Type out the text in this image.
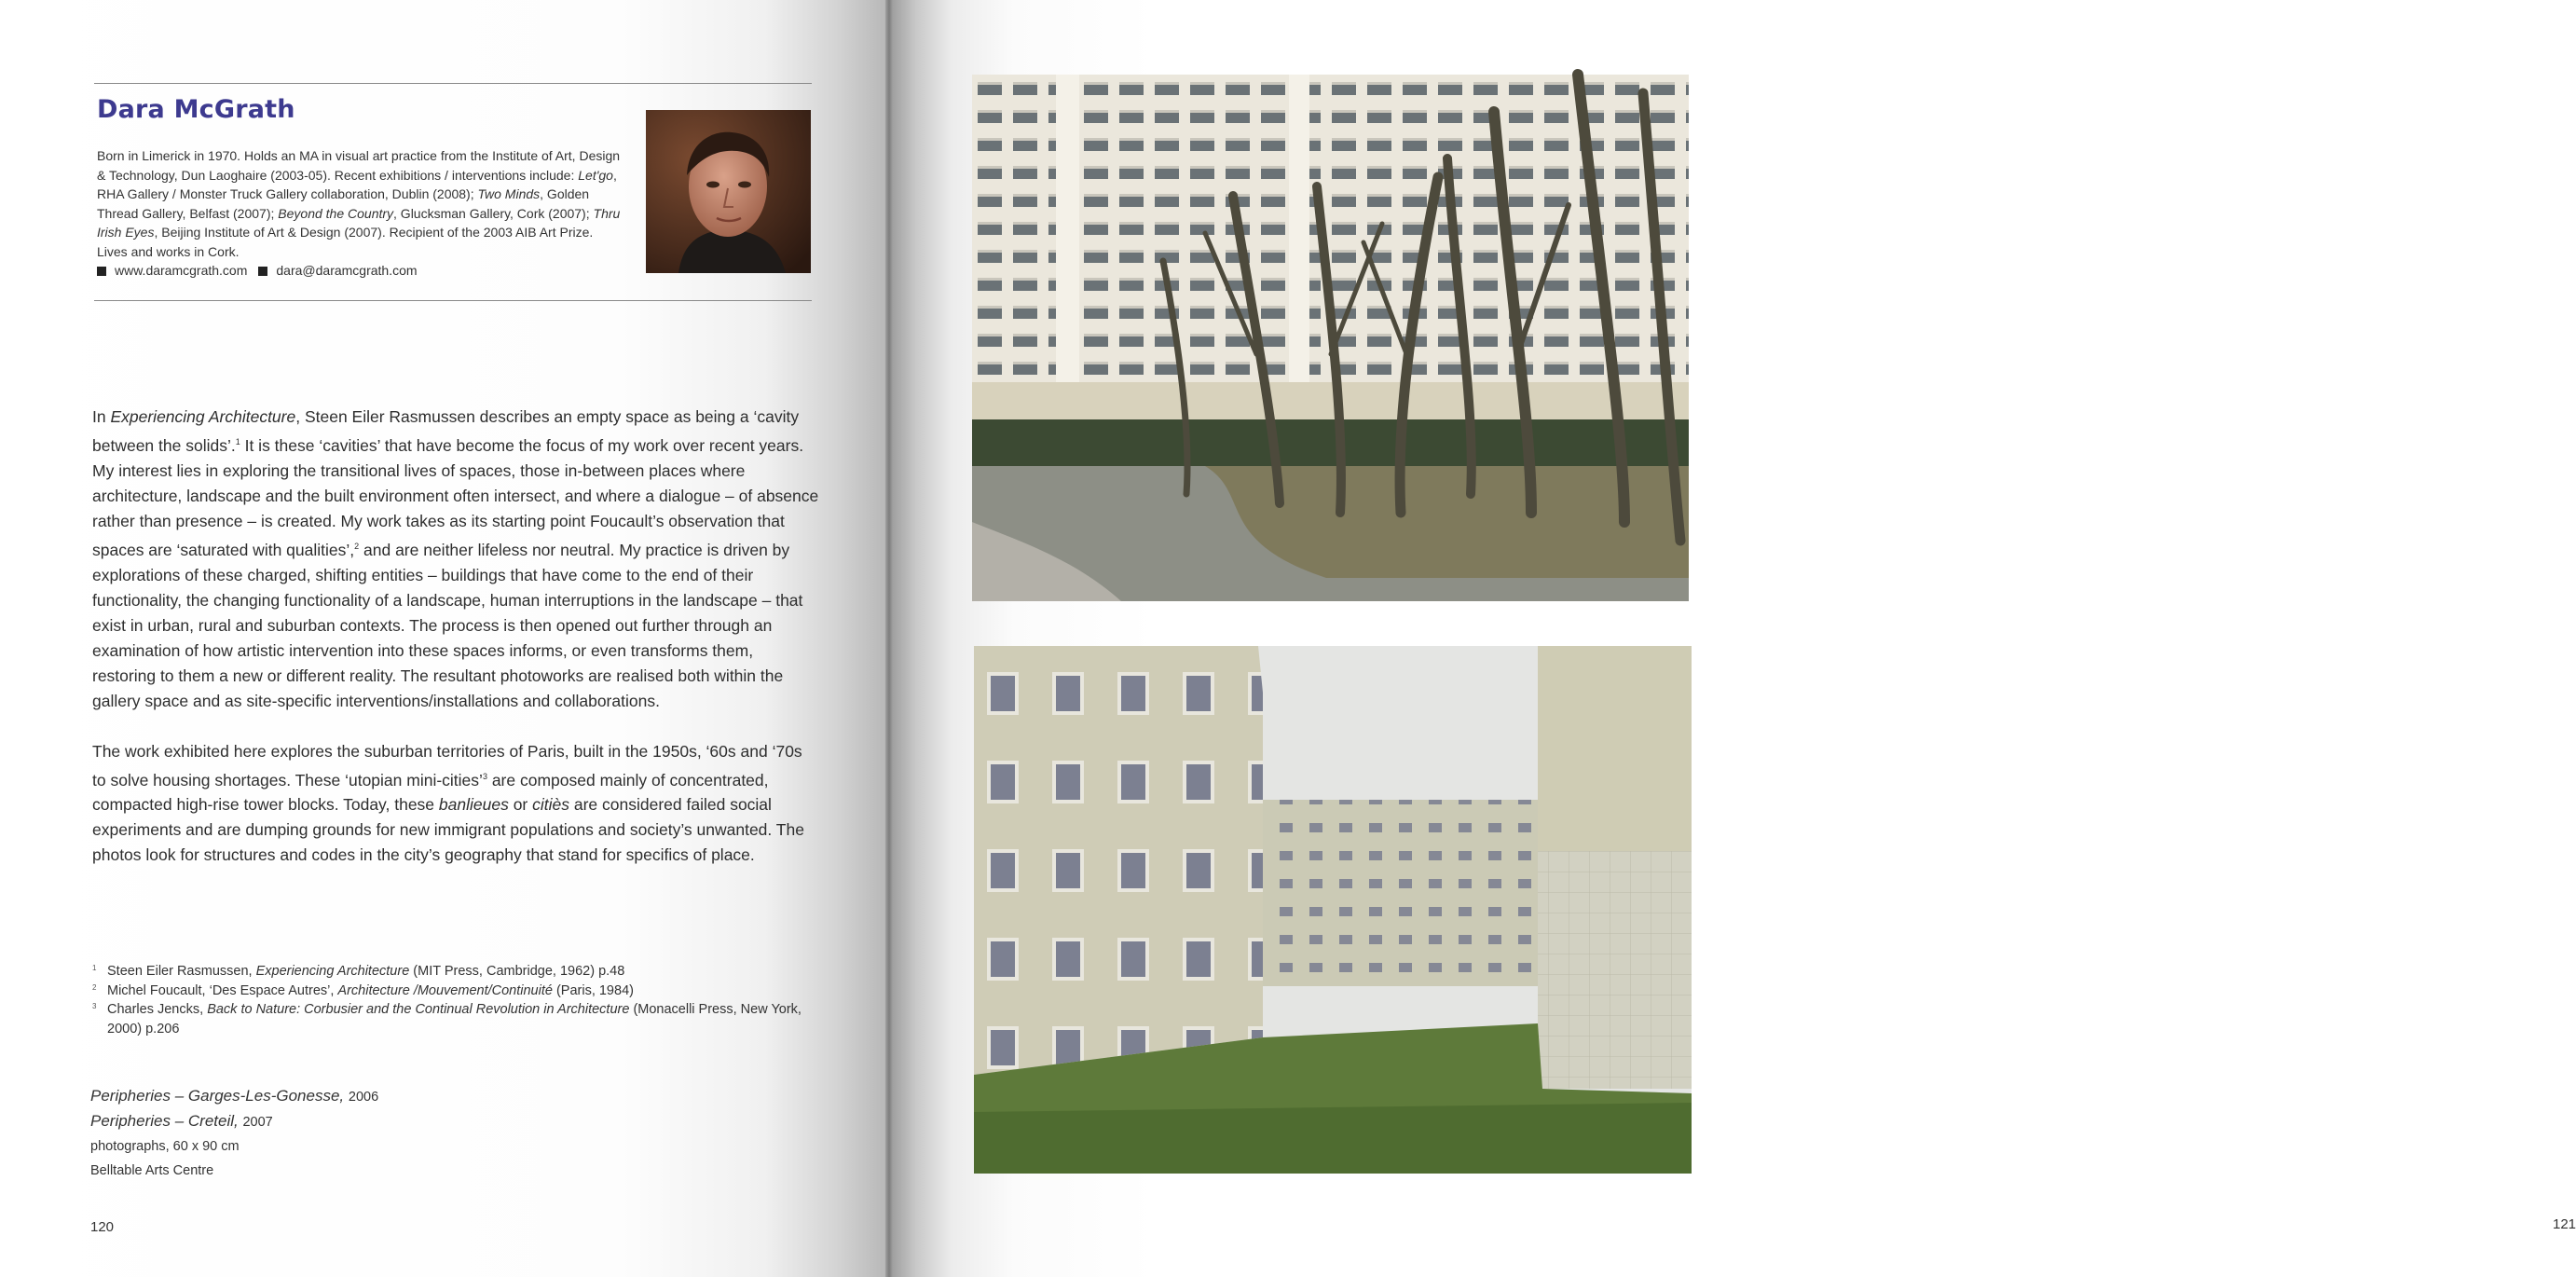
Dara McGrath

Born in Limerick in 1970. Holds an MA in visual art practice from the Institute of Art, Design & Technology, Dun Laoghaire (2003-05). Recent exhibitions / interventions include: Let'go, RHA Gallery / Monster Truck Gallery collaboration, Dublin (2008); Two Minds, Golden Thread Gallery, Belfast (2007); Beyond the Country, Glucksman Gallery, Cork (2007); Thru Irish Eyes, Beijing Institute of Art & Design (2007). Recipient of the 2003 AIB Art Prize. Lives and works in Cork.

www.daramcgrath.com dara@daramcgrath.com

In Experiencing Architecture, Steen Eiler Rasmussen describes an empty space as being a ‘cavity between the solids’.$^1$ It is these ‘cavities’ that have become the focus of my work over recent years. My interest lies in exploring the transitional lives of spaces, those in-between places where architecture, landscape and the built environment often intersect, and where a dialogue – of absence rather than presence – is created. My work takes as its starting point Foucault’s observation that spaces are ‘saturated with qualities’,$^2$ and are neither lifeless nor neutral. My practice is driven by explorations of these charged, shifting entities – buildings that have come to the end of their functionality, the changing functionality of a landscape, human interruptions in the landscape – that exist in urban, rural and suburban contexts. The process is then opened out further through an examination of how artistic intervention into these spaces informs, or even transforms them, restoring to them a new or different reality. The resultant photoworks are realised both within the gallery space and as site-specific interventions/installations and collaborations.

The work exhibited here explores the suburban territories of Paris, built in the 1950s, ‘60s and ‘70s to solve housing shortages. These ‘utopian mini-cities’$^3$ are composed mainly of concentrated, compacted high-rise tower blocks. Today, these banlieues or citiès are considered failed social experiments and are dumping grounds for new immigrant populations and society’s unwanted. The photos look for structures and codes in the city’s geography that stand for specifics of place.

1 Steen Eiler Rasmussen, Experiencing Architecture (MIT Press, Cambridge, 1962) p.48
2 Michel Foucault, ‘Des Espace Autres’, Architecture /Mouvement/Continuité (Paris, 1984)
3 Charles Jencks, Back to Nature: Corbusier and the Continual Revolution in Architecture (Monacelli Press, New York, 2000) p.206
Peripheries – Garges-Les-Gonesse, 2006
Peripheries – Creteil, 2007
photographs, 60 x 90 cm
Belltable Arts Centre
120	121
